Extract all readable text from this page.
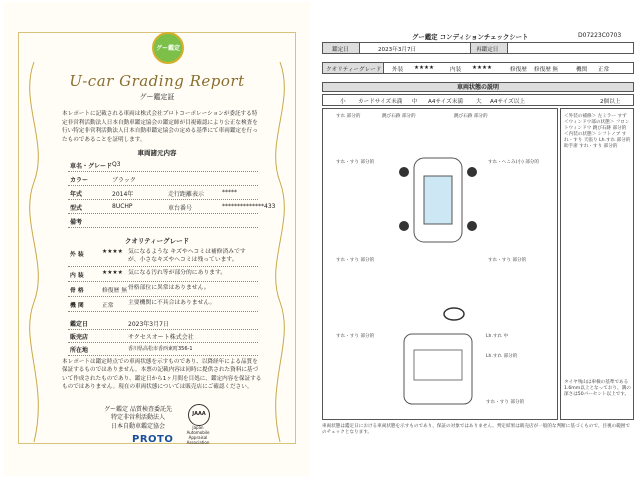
グー鑑定
U-car Grading Report
グー鑑定証
本レポートに記載される車両は株式会社プロトコーポレーションが委託する特定非営利活動法人日本自動車鑑定協会の鑑定師が目視確認により公正な検査を行い特定非営利活動法人日本自動車鑑定協会の定める基準にて車両鑑定を行ったものであることを証明します。
車両諸元内容
車名・グレード Q3
カラー	ブラック
年式	2014年	走行距離表示	*****
型式	8UCHP	車台番号	**************433
備考
クオリティーグレード
外 装	★★★★ 気になるような キズやヘコミは補修済みですが、小さなキズやヘコミは残っています。
内 装	★★★★ 気になる汚れ等が部分的にあります。
骨 格	修復歴 無 骨格部位に異常はありません。
機 関	正常 主要機関に不具合はありません。
鑑定日	2023年3月7日
販売店	サクセスオート株式会社
所在地	香川県高松市香西東町356-1
本レポートは鑑定時点での車両状態を示すものであり、以降経年による品質を保証するものではありません。本票の記載内容は同時に提供された資料に基づいて作成されたものであり、鑑定日から1ヶ月間を目処に、鑑定内容を保証するものではありません。現在の車両状態については販売店にご確認ください。
グー鑑定 品質検査委託先
特定非営利活動法人
日本自動車鑑定協会
JAAA
Japan Automobile Appraisal Association
PROTO
グー鑑定 コンディションチェックシート	D07223C0703
鑑定日	2023年3月7日	再鑑定日
クオリティーグレード 外装 ★★★★	内装 ★★★★	修復歴 修復歴 無	機関 正常
車両状態の説明
小 カードサイズ未満 中 A4サイズ未満 大 A4サイズ以上	2個以上
すれ 部分的	跳び石跡 部分的	跳び石跡 部分的
すれ・すり 部分的	すれ・へこみ(小) 部分的
すれ・すり 部分的	すれ・すり 部分的
Lh.すれ 中
Lh.すれ 部分的
すれ・すり 部分的
すれ・すり 部分的
＜外装の補修＞ 左ミラー すず ＜ウィンドウ部の状態＞ フロントウィンドウ 跳び石跡 部分的 ＜内装の状態＞ シフトノブ すれ・すり 天張り Lh.すれ 部分的 助手席 すれ・すり 部分的
タイヤ残山は車検の基準である1.6mm以上となっており、溝の深さは50パーセント以上です。
車両状態は鑑定日における車両状態を示すものであり、保証の対象ではありません。判定結果は販売店が一般的な判断に基づくもので、目視の範囲でのチェックとなります。
